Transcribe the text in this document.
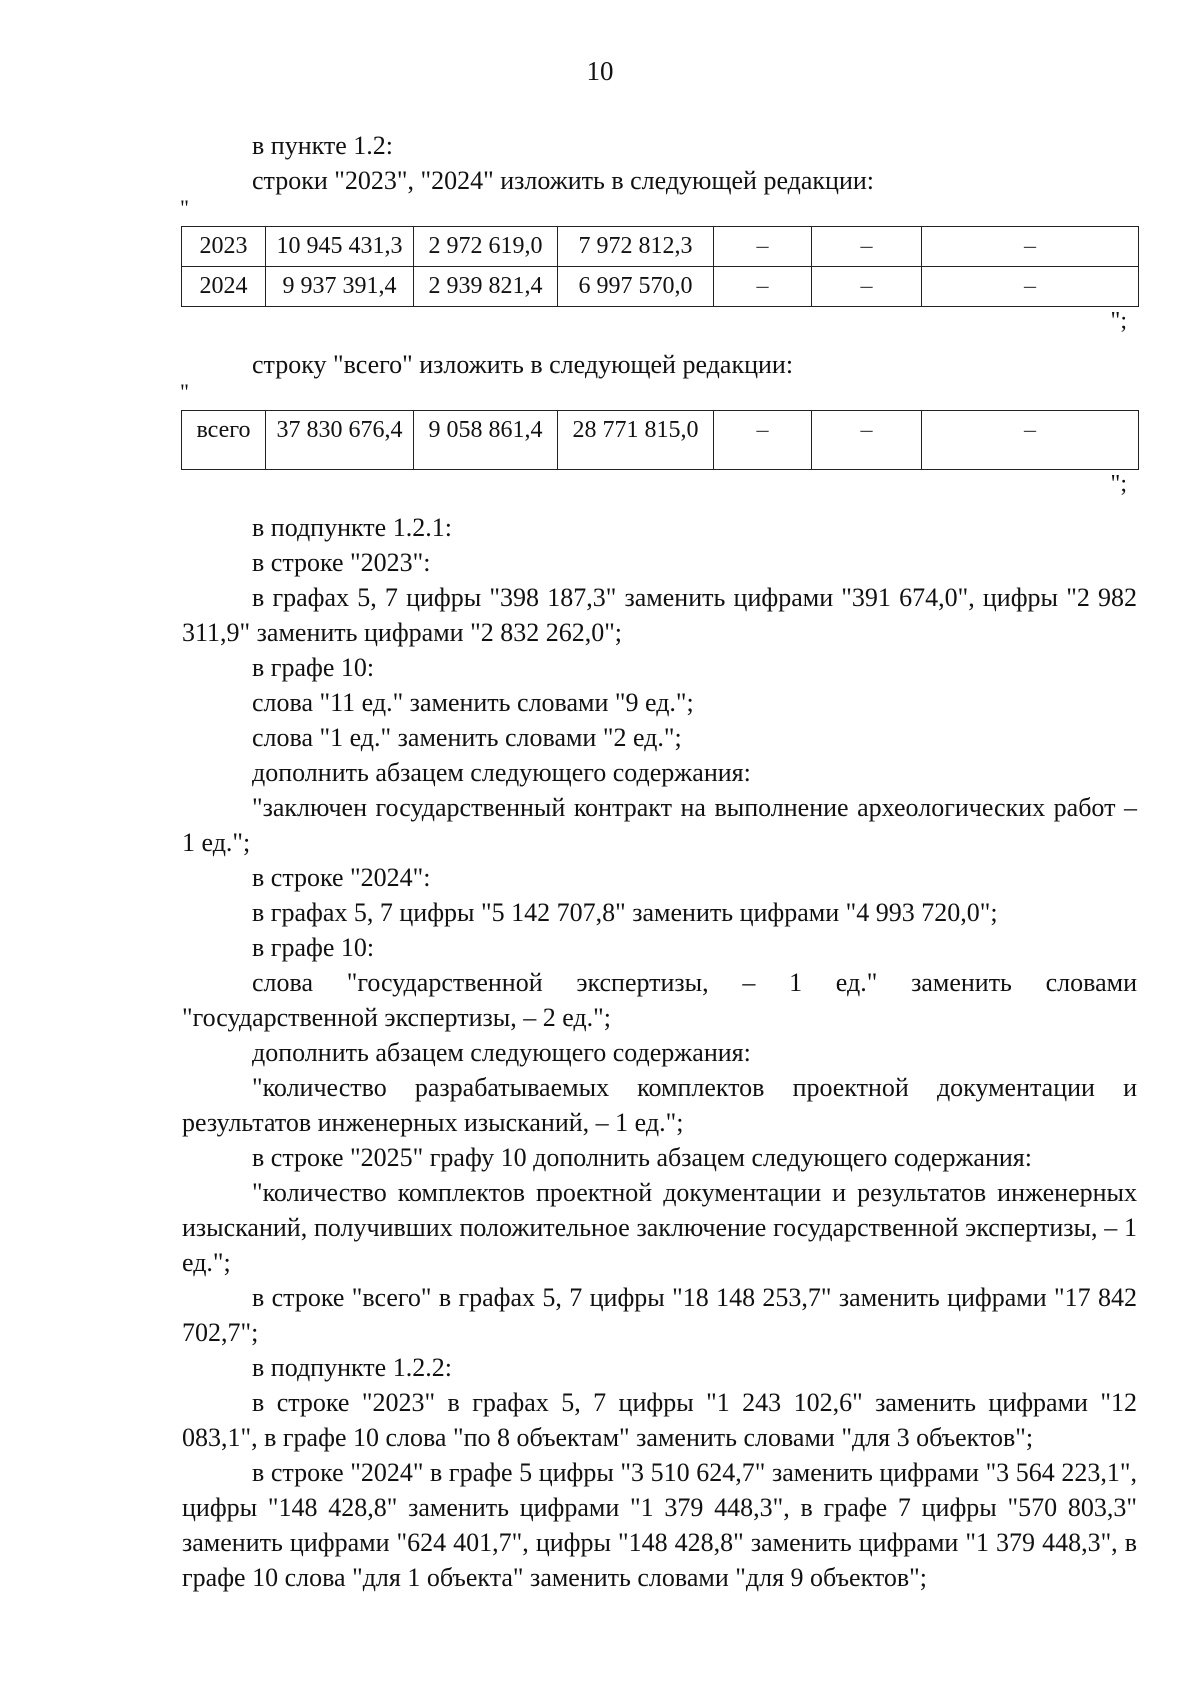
10

в пункте 1.2:

строки "2023", "2024" изложить в следующей редакции:

"
2023	10 945 431,3	2 972 619,0	7 972 812,3	–	–	–
2024	9 937 391,4	2 939 821,4	6 997 570,0	–	–	–
";

строку "всего" изложить в следующей редакции:

"
всего	37 830 676,4	9 058 861,4	28 771 815,0	–	–	–
";

в подпункте 1.2.1:

в строке "2023":

в графах 5, 7 цифры "398 187,3" заменить цифрами "391 674,0", цифры "2 982 311,9" заменить цифрами "2 832 262,0";

в графе 10:

слова "11 ед." заменить словами "9 ед.";

слова "1 ед." заменить словами "2 ед.";

дополнить абзацем следующего содержания:

"заключен государственный контракт на выполнение археологических работ – 1 ед.";

в строке "2024":

в графах 5, 7 цифры "5 142 707,8" заменить цифрами "4 993 720,0";

в графе 10:

слова "государственной экспертизы, – 1 ед." заменить словами "государственной экспертизы, – 2 ед.";

дополнить абзацем следующего содержания:

"количество разрабатываемых комплектов проектной документации и результатов инженерных изысканий, – 1 ед.";

в строке "2025" графу 10 дополнить абзацем следующего содержания:

"количество комплектов проектной документации и результатов инженерных изысканий, получивших положительное заключение государственной экспертизы, – 1 ед.";

в строке "всего" в графах 5, 7 цифры "18 148 253,7" заменить цифрами "17 842 702,7";

в подпункте 1.2.2:

в строке "2023" в графах 5, 7 цифры "1 243 102,6" заменить цифрами "12 083,1", в графе 10 слова "по 8 объектам" заменить словами "для 3 объектов";

в строке "2024" в графе 5 цифры "3 510 624,7" заменить цифрами "3 564 223,1", цифры "148 428,8" заменить цифрами "1 379 448,3", в графе 7 цифры "570 803,3" заменить цифрами "624 401,7", цифры "148 428,8" заменить цифрами "1 379 448,3", в графе 10 слова "для 1 объекта" заменить словами "для 9 объектов";
